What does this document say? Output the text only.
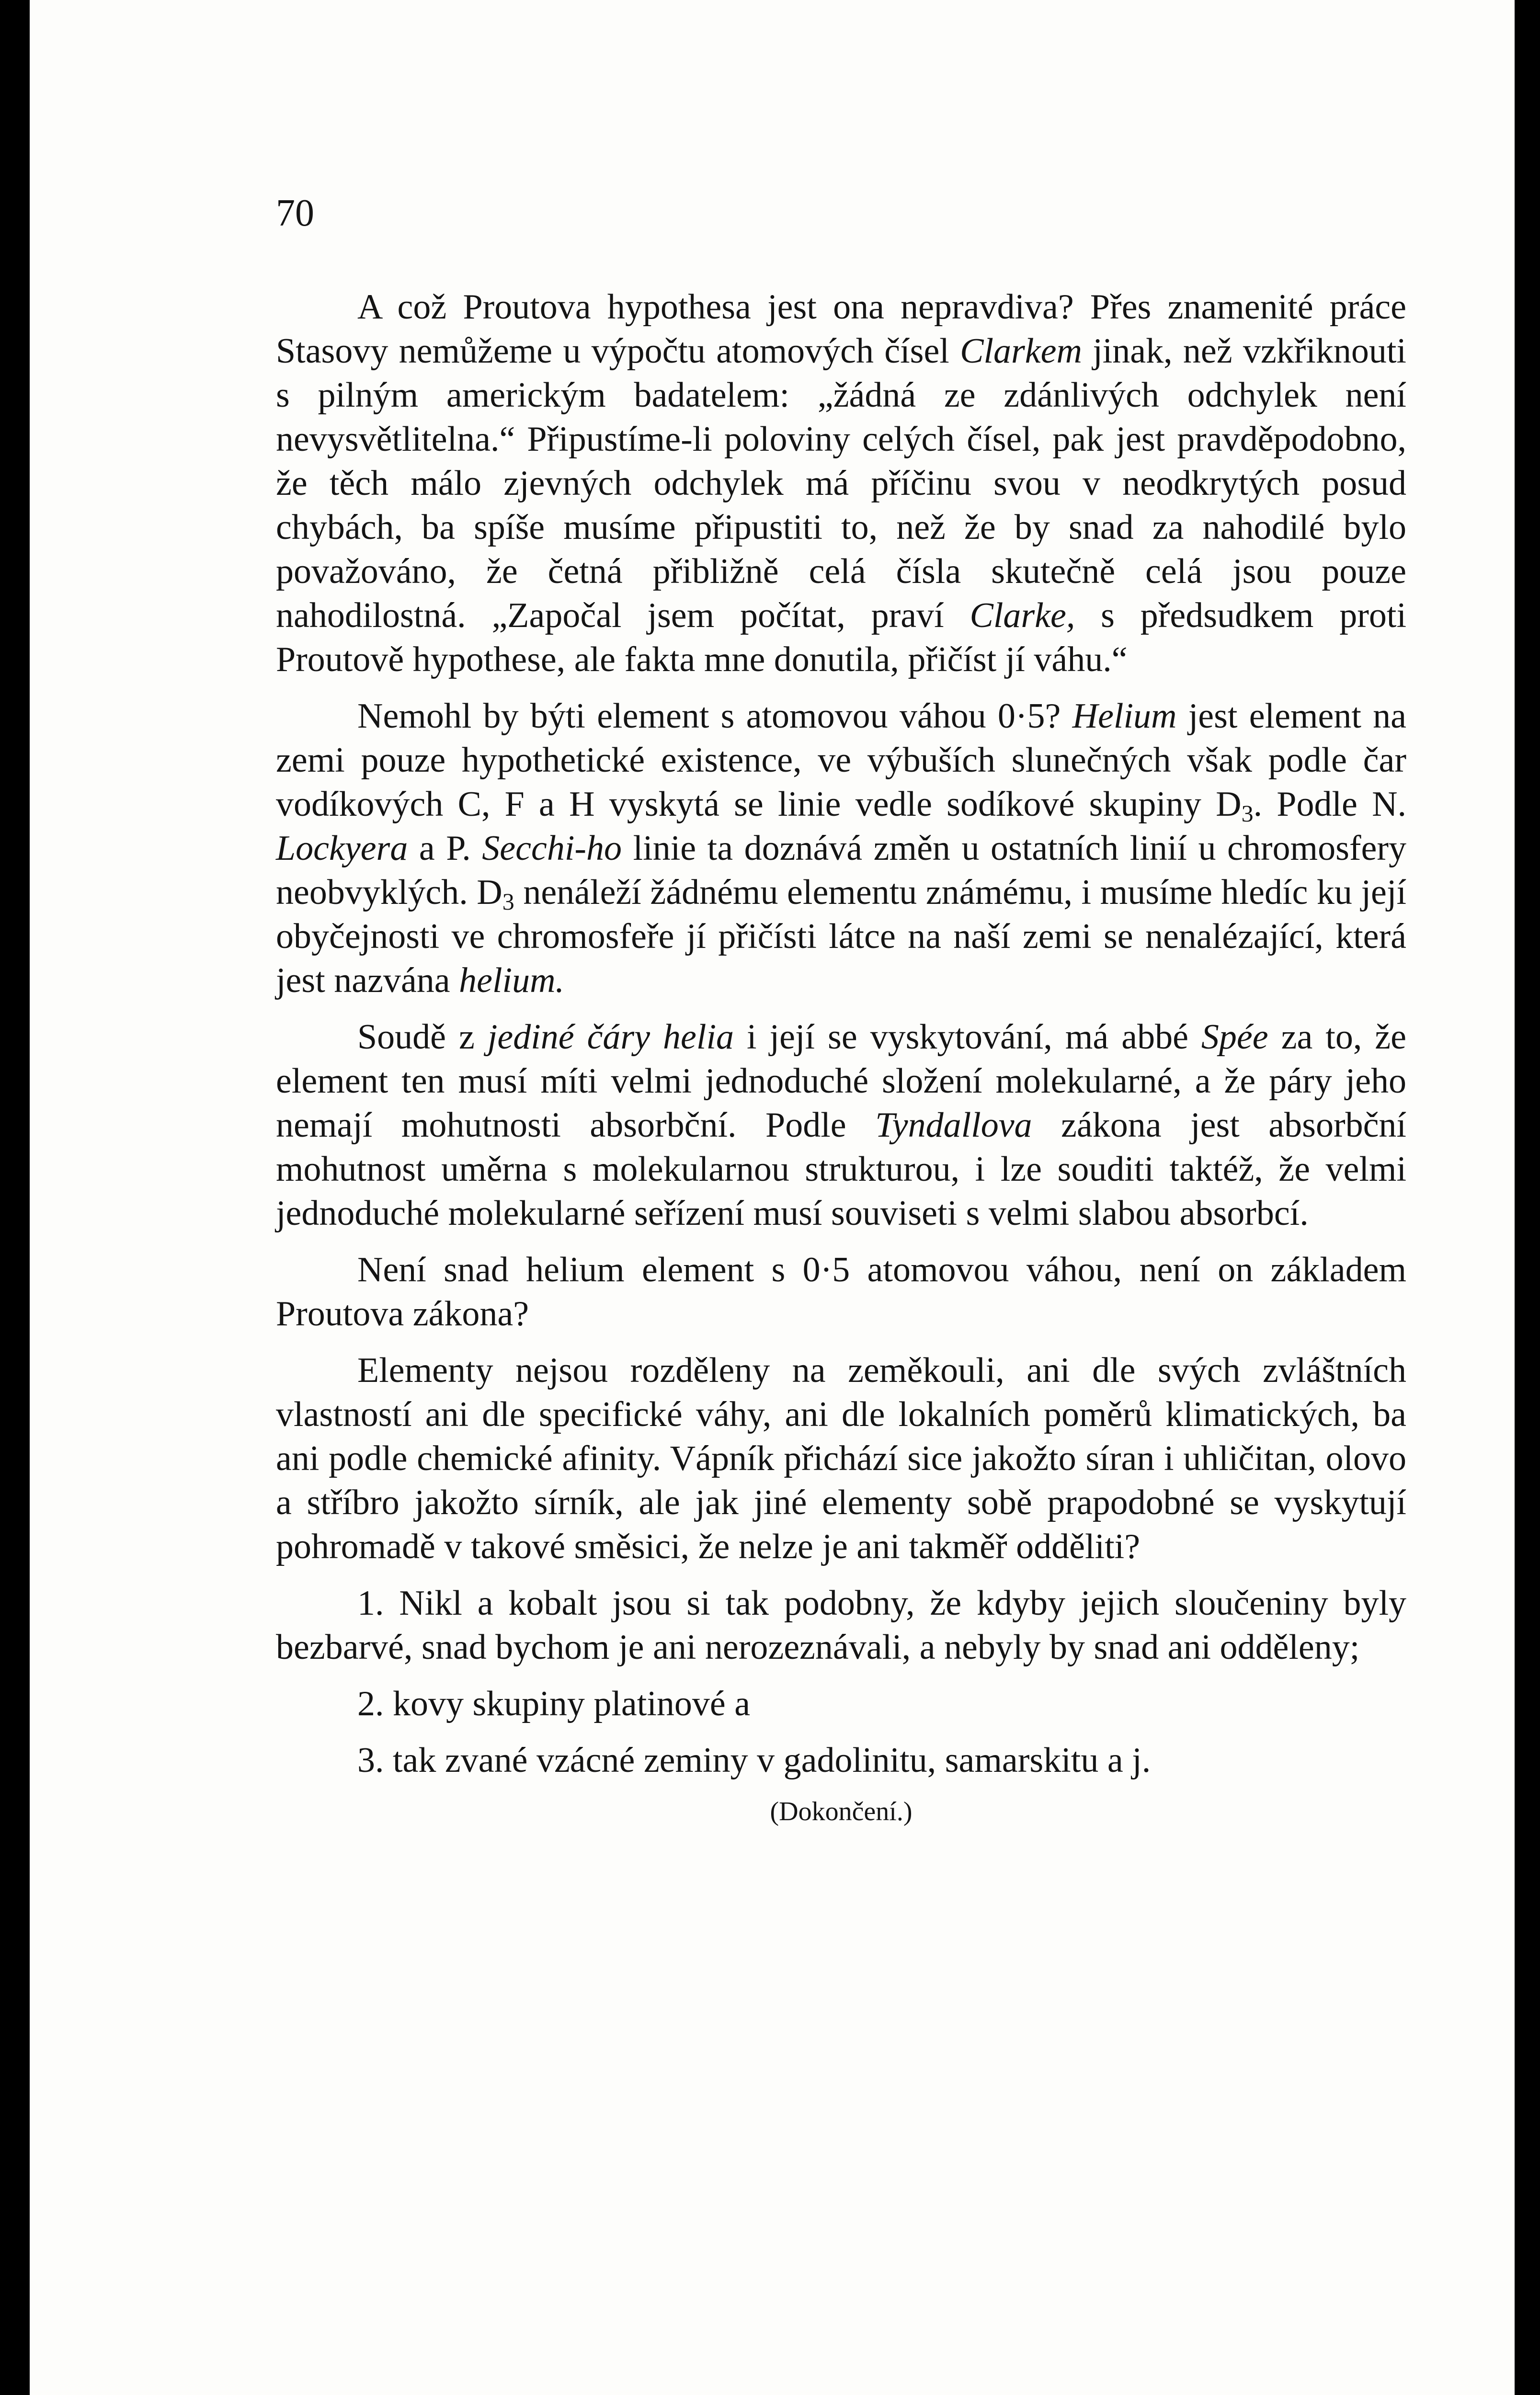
70

A což Proutova hypothesa jest ona nepravdiva? Přes znamenité práce Stasovy nemůžeme u výpočtu atomových čísel Clarkem jinak, než vzkřiknouti s pilným americkým badatelem: „žádná ze zdánlivých odchylek není nevysvětlitelna.“ Připustíme-li poloviny celých čísel, pak jest pravděpodobno, že těch málo zjevných odchylek má příčinu svou v neodkrytých posud chybách, ba spíše musíme připustiti to, než že by snad za nahodilé bylo považováno, že četná přibližně celá čísla skutečně celá jsou pouze nahodilostná. „Započal jsem počítat, praví Clarke, s předsudkem proti Proutově hypothese, ale fakta mne donutila, přičíst jí váhu.“

Nemohl by býti element s atomovou váhou 0·5? Helium jest element na zemi pouze hypothetické existence, ve výbuších slunečných však podle čar vodíkových C, F a H vyskytá se linie vedle sodíkové skupiny $D_3$. Podle N. Lockyera a P. Secchi-ho linie ta doznává změn u ostatních linií u chromosfery neobvyklých. $D_3$ nenáleží žádnému elementu známému, i musíme hledíc ku její obyčejnosti ve chromosfeře jí přičísti látce na naší zemi se nenalézající, která jest nazvána helium.

Soudě z jediné čáry helia i její se vyskytování, má abbé Spée za to, že element ten musí míti velmi jednoduché složení molekularné, a že páry jeho nemají mohutnosti absorbční. Podle Tyndallova zákona jest absorbční mohutnost uměrna s molekularnou strukturou, i lze souditi taktéž, že velmi jednoduché molekularné seřízení musí souviseti s velmi slabou absorbcí.

Není snad helium element s 0·5 atomovou váhou, není on základem Proutova zákona?

Elementy nejsou rozděleny na zeměkouli, ani dle svých zvláštních vlastností ani dle specifické váhy, ani dle lokalních poměrů klimatických, ba ani podle chemické afinity. Vápník přichází sice jakožto síran i uhličitan, olovo a stříbro jakožto sírník, ale jak jiné elementy sobě prapodobné se vyskytují pohromadě v takové směsici, že nelze je ani takměř odděliti?

1. Nikl a kobalt jsou si tak podobny, že kdyby jejich sloučeniny byly bezbarvé, snad bychom je ani nerozeznávali, a nebyly by snad ani odděleny;

2. kovy skupiny platinové a

3. tak zvané vzácné zeminy v gadolinitu, samarskitu a j.

(Dokončení.)
